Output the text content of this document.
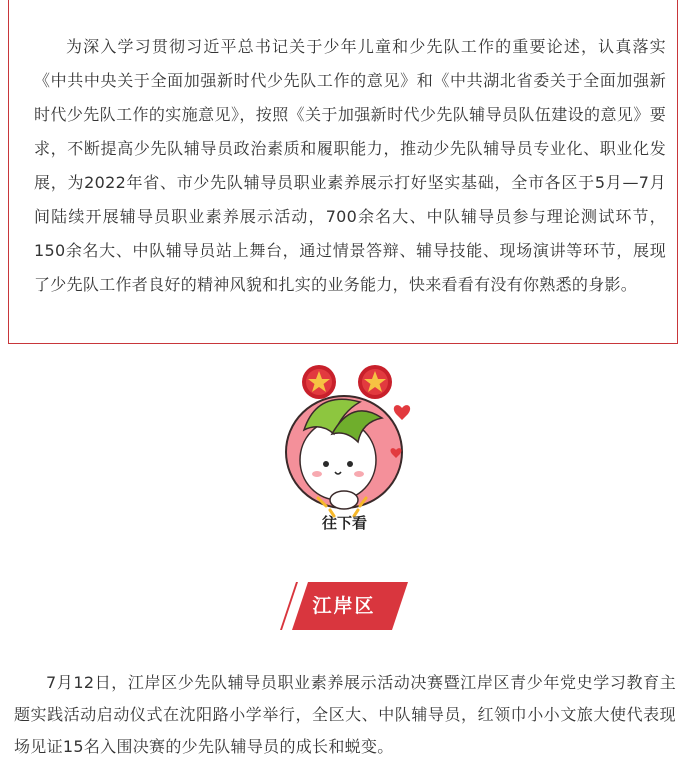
为深入学习贯彻习近平总书记关于少年儿童和少先队工作的重要论述，认真落实《中共中央关于全面加强新时代少先队工作的意见》和《中共湖北省委关于全面加强新时代少先队工作的实施意见》，按照《关于加强新时代少先队辅导员队伍建设的意见》要求，不断提高少先队辅导员政治素质和履职能力，推动少先队辅导员专业化、职业化发展，为2022年省、市少先队辅导员职业素养展示打好坚实基础，全市各区于5月—7月间陆续开展辅导员职业素养展示活动，700余名大、中队辅导员参与理论测试环节，150余名大、中队辅导员站上舞台，通过情景答辩、辅导技能、现场演讲等环节，展现了少先队工作者良好的精神风貌和扎实的业务能力，快来看看有没有你熟悉的身影。

往下看
江岸区

7月12日，江岸区少先队辅导员职业素养展示活动决赛暨江岸区青少年党史学习教育主题实践活动启动仪式在沈阳路小学举行，全区大、中队辅导员，红领巾小小文旅大使代表现场见证15名入围决赛的少先队辅导员的成长和蜕变。
